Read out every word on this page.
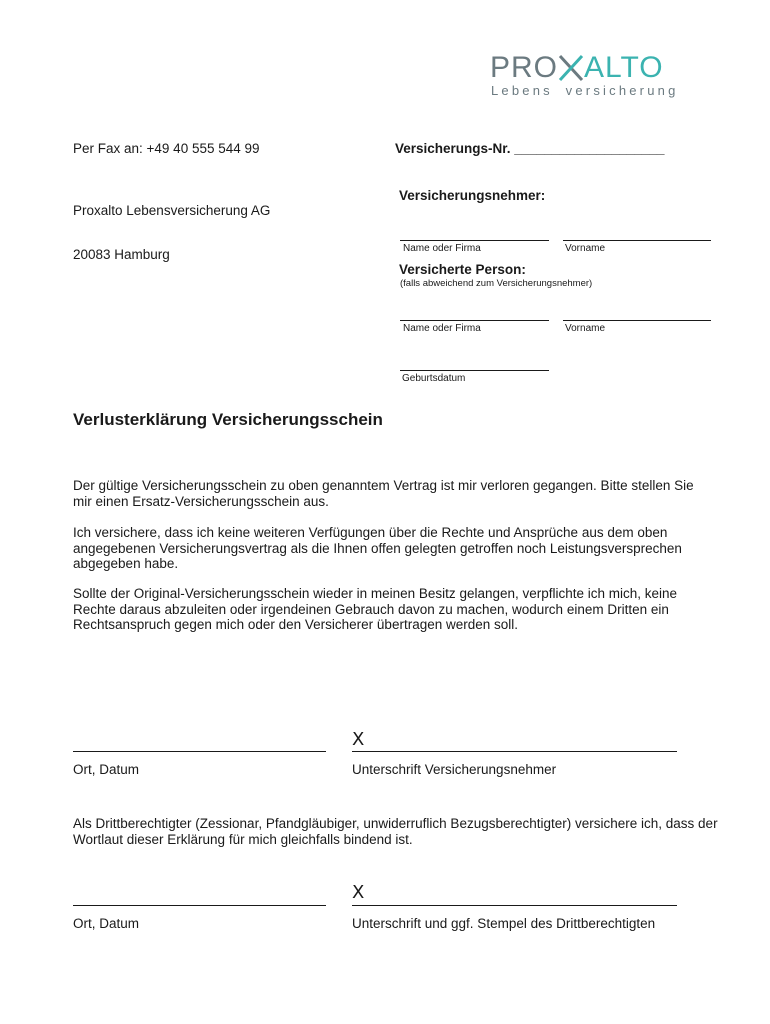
PRO ALTO
Lebens versicherung
Per Fax an: +49 40 555 544 99
Proxalto Lebensversicherung AG
20083 Hamburg
Versicherungs-Nr. ____________________
Versicherungsnehmer:
Name oder Firma	Vorname
Versicherte Person:
(falls abweichend zum Versicherungsnehmer)
Name oder Firma	Vorname
Geburtsdatum
Verlusterklärung Versicherungsschein
Der gültige Versicherungsschein zu oben genanntem Vertrag ist mir verloren gegangen. Bitte stellen Sie mir einen Ersatz-Versicherungsschein aus.
Ich versichere, dass ich keine weiteren Verfügungen über die Rechte und Ansprüche aus dem oben angegebenen Versicherungsvertrag als die Ihnen offen gelegten getroffen noch Leistungsversprechen abgegeben habe.
Sollte der Original-Versicherungsschein wieder in meinen Besitz gelangen, verpflichte ich mich, keine Rechte daraus abzuleiten oder irgendeinen Gebrauch davon zu machen, wodurch einem Dritten ein Rechtsanspruch gegen mich oder den Versicherer übertragen werden soll.
X
Ort, Datum	Unterschrift Versicherungsnehmer
Als Drittberechtigter (Zessionar, Pfandgläubiger, unwiderruflich Bezugsberechtigter) versichere ich, dass der Wortlaut dieser Erklärung für mich gleichfalls bindend ist.
X
Ort, Datum	Unterschrift und ggf. Stempel des Drittberechtigten
